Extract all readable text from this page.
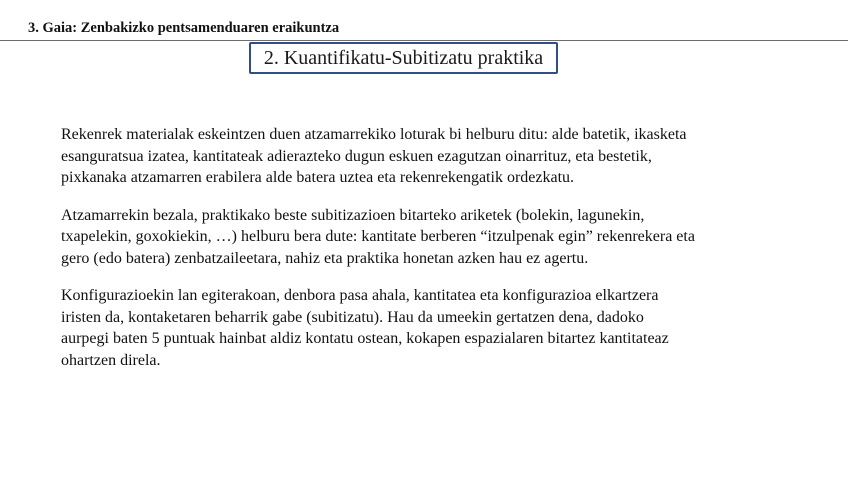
3. Gaia: Zenbakizko pentsamenduaren eraikuntza
2. Kuantifikatu-Subitizatu praktika

Rekenrek materialak eskeintzen duen atzamarrekiko loturak bi helburu ditu: alde batetik, ikasketa
esanguratsua izatea, kantitateak adierazteko dugun eskuen ezagutzan oinarrituz, eta bestetik,
pixkanaka atzamarren erabilera alde batera uztea eta rekenrekengatik ordezkatu.

Atzamarrekin bezala, praktikako beste subitizazioen bitarteko ariketek (bolekin, lagunekin,
txapelekin, goxokiekin, …) helburu bera dute: kantitate berberen “itzulpenak egin” rekenrekera eta
gero (edo batera) zenbatzaileetara, nahiz eta praktika honetan azken hau ez agertu.

Konfigurazioekin lan egiterakoan, denbora pasa ahala, kantitatea eta konfigurazioa elkartzera
iristen da, kontaketaren beharrik gabe (subitizatu). Hau da umeekin gertatzen dena, dadoko
aurpegi baten 5 puntuak hainbat aldiz kontatu ostean, kokapen espazialaren bitartez kantitateaz
ohartzen direla.
